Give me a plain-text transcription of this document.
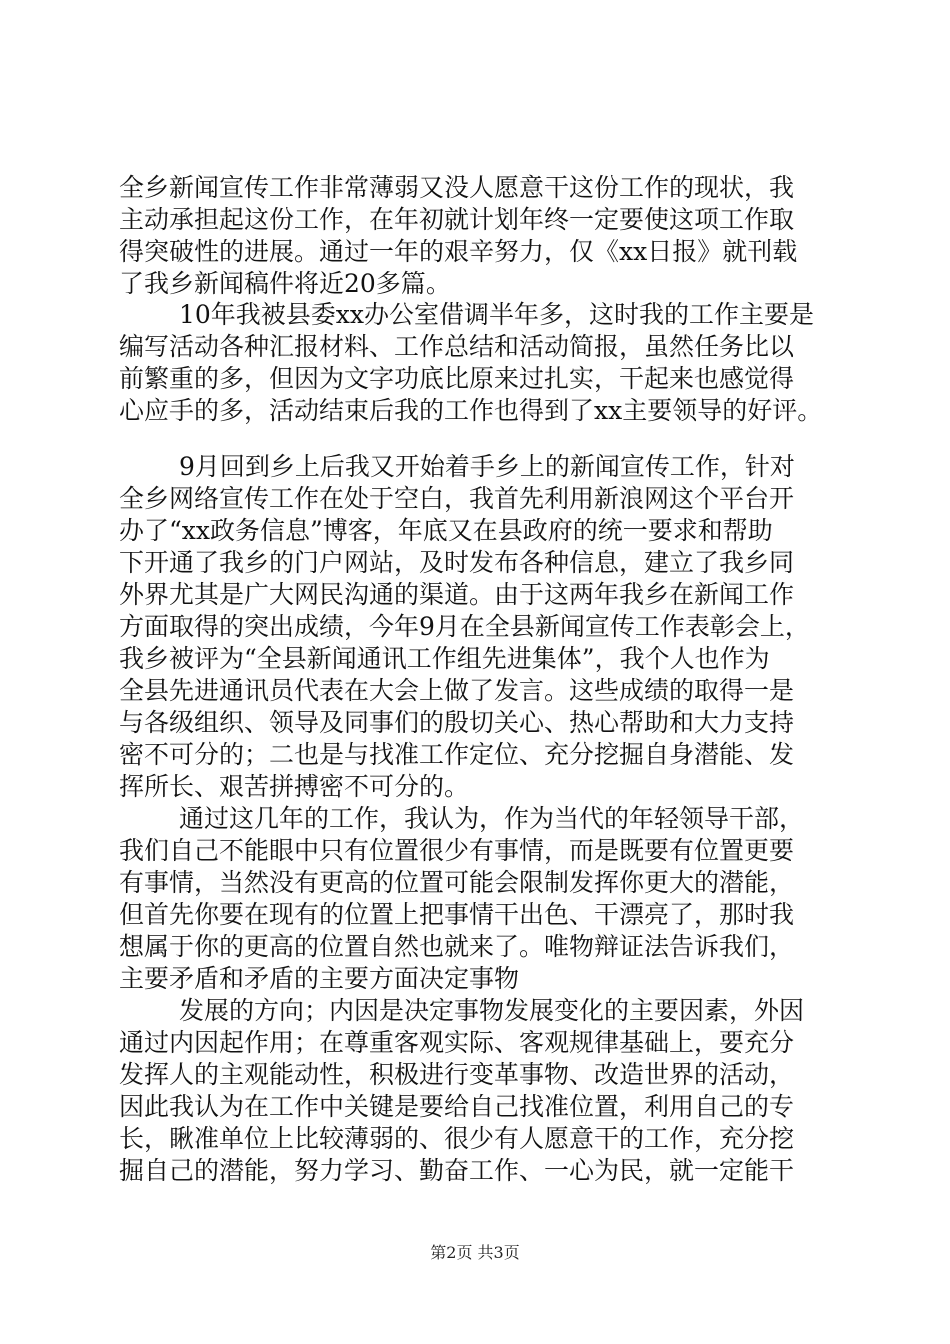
全乡新闻宣传工作非常薄弱又没人愿意干这份工作的现状，我
主动承担起这份工作，在年初就计划年终一定要使这项工作取
得突破性的进展。通过一年的艰辛努力，仅《xx日报》就刊载
了我乡新闻稿件将近20多篇。
10年我被县委xx办公室借调半年多，这时我的工作主要是
编写活动各种汇报材料、工作总结和活动简报，虽然任务比以
前繁重的多，但因为文字功底比原来过扎实，干起来也感觉得
心应手的多，活动结束后我的工作也得到了xx主要领导的好评。
9月回到乡上后我又开始着手乡上的新闻宣传工作，针对
全乡网络宣传工作在处于空白，我首先利用新浪网这个平台开
办了“xx政务信息”博客，年底又在县政府的统一要求和帮助
下开通了我乡的门户网站，及时发布各种信息，建立了我乡同
外界尤其是广大网民沟通的渠道。由于这两年我乡在新闻工作
方面取得的突出成绩，今年9月在全县新闻宣传工作表彰会上，
我乡被评为“全县新闻通讯工作组先进集体”，我个人也作为
全县先进通讯员代表在大会上做了发言。这些成绩的取得一是
与各级组织、领导及同事们的殷切关心、热心帮助和大力支持
密不可分的；二也是与找准工作定位、充分挖掘自身潜能、发
挥所长、艰苦拼搏密不可分的。
通过这几年的工作，我认为，作为当代的年轻领导干部，
我们自己不能眼中只有位置很少有事情，而是既要有位置更要
有事情，当然没有更高的位置可能会限制发挥你更大的潜能，
但首先你要在现有的位置上把事情干出色、干漂亮了，那时我
想属于你的更高的位置自然也就来了。唯物辩证法告诉我们，
主要矛盾和矛盾的主要方面决定事物
发展的方向；内因是决定事物发展变化的主要因素，外因
通过内因起作用；在尊重客观实际、客观规律基础上，要充分
发挥人的主观能动性，积极进行变革事物、改造世界的活动，
因此我认为在工作中关键是要给自己找准位置，利用自己的专
长，瞅准单位上比较薄弱的、很少有人愿意干的工作，充分挖
掘自己的潜能，努力学习、勤奋工作、一心为民，就一定能干
第2页 共3页
